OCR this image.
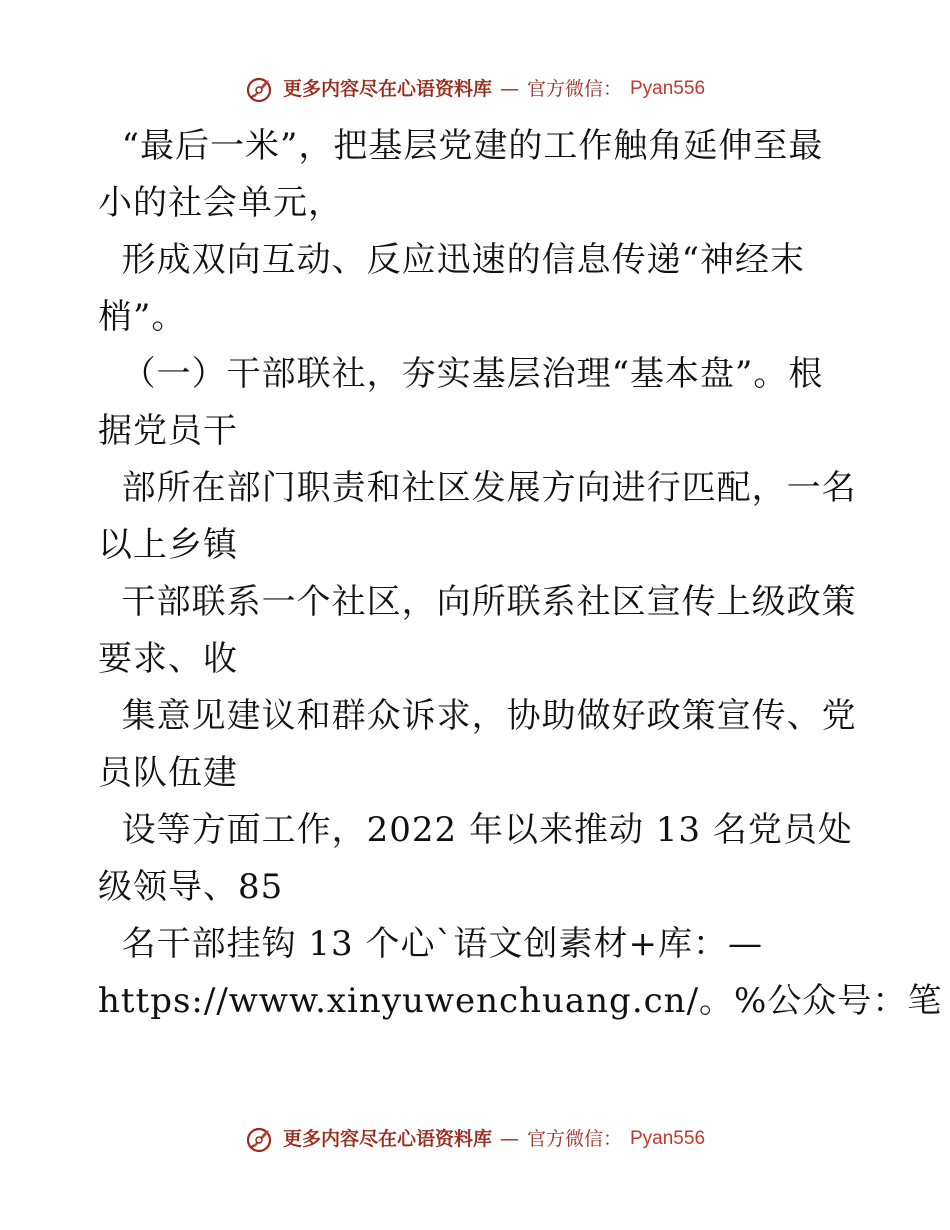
更多内容尽在心语资料库 — 官方微信： Pyan556
“最后一米”，把基层党建的工作触角延伸至最
小的社会单元，
形成双向互动、反应迅速的信息传递“神经末
梢”。
（一）干部联社，夯实基层治理“基本盘”。根
据党员干
部所在部门职责和社区发展方向进行匹配，一名
以上乡镇
干部联系一个社区，向所联系社区宣传上级政策
要求、收
集意见建议和群众诉求，协助做好政策宣传、党
员队伍建
设等方面工作，2022 年以来推动 13 名党员处
级领导、85
名干部挂钩 13 个心`语文创素材+库：—
https://www.xinyuwenchuang.cn/。%公众号：笔
更多内容尽在心语资料库 — 官方微信： Pyan556
